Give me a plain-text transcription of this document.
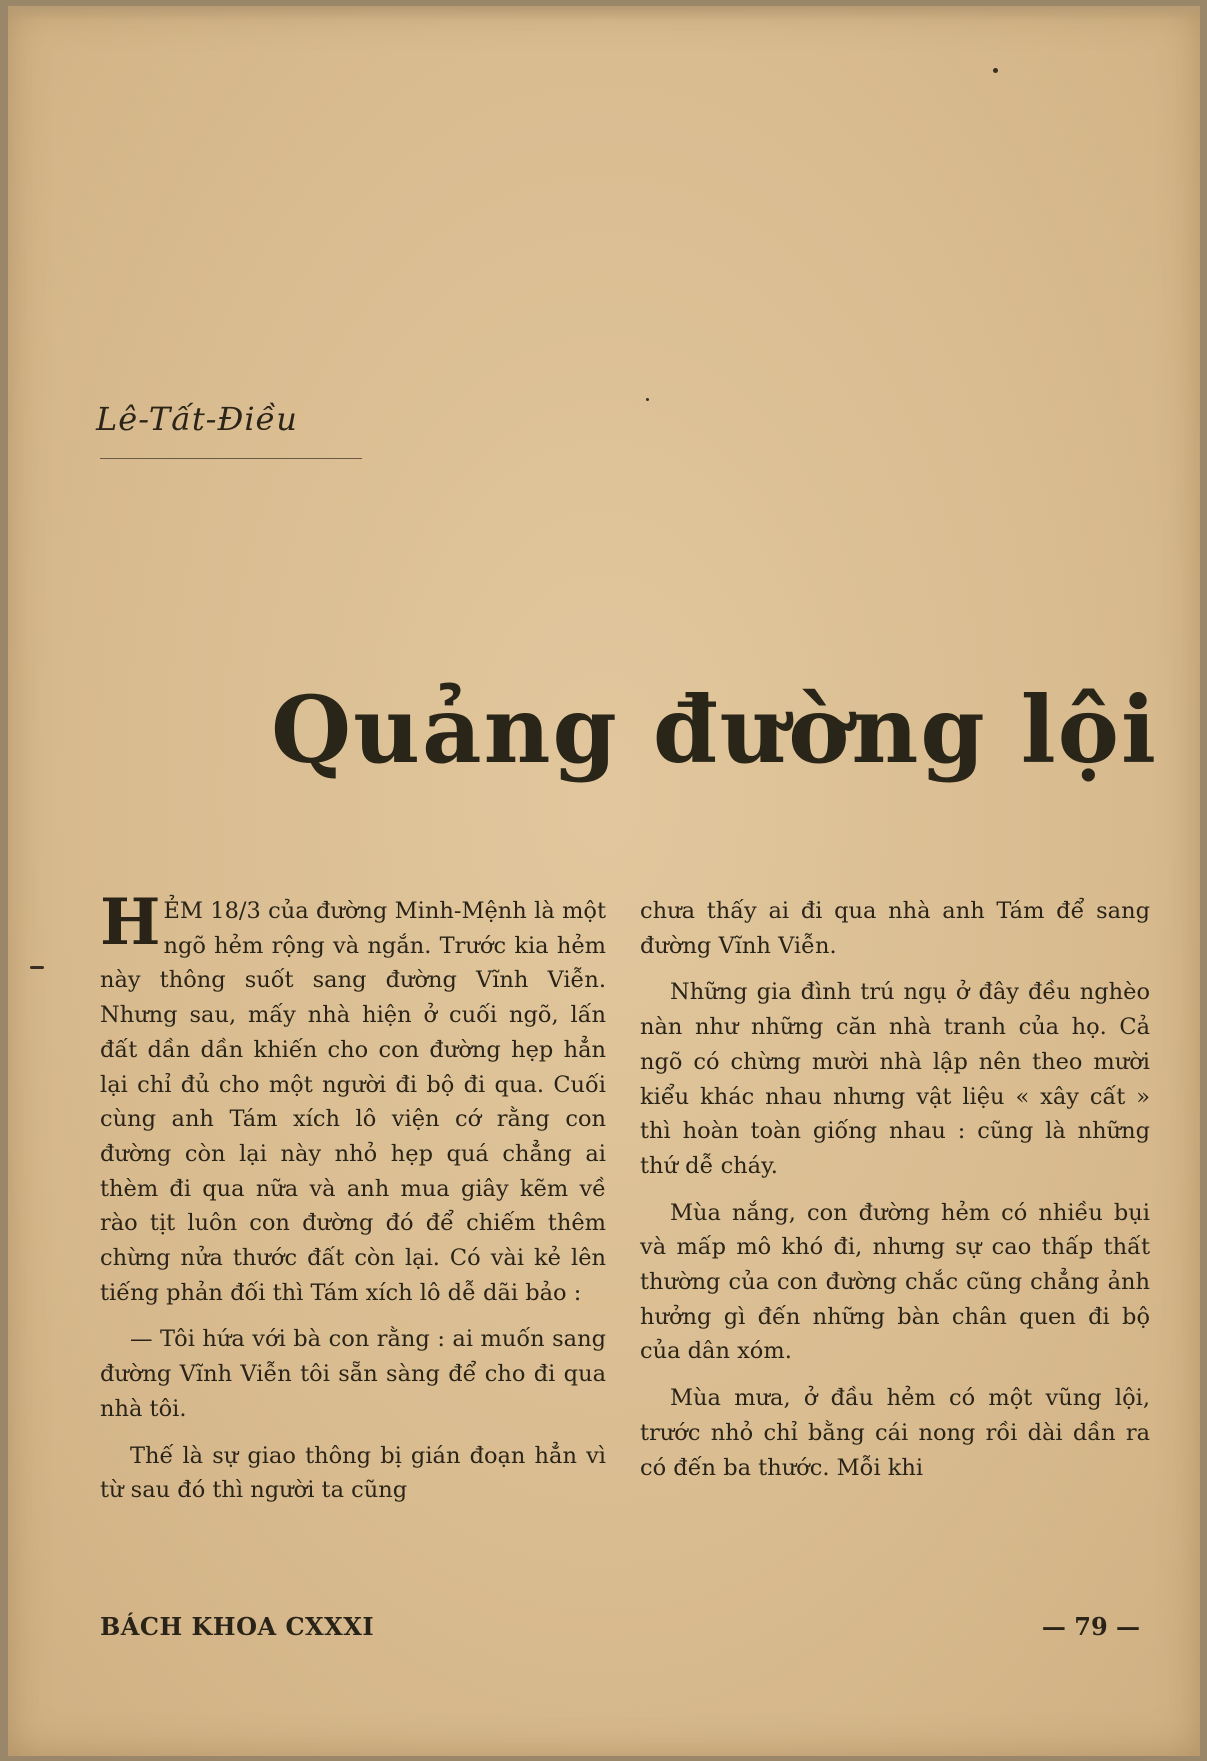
Lê-Tất-Điều
Quảng đường lội

HẺM 18/3 của đường Minh-Mệnh là một ngõ hẻm rộng và ngắn. Trước kia hẻm này thông suốt sang đường Vĩnh Viễn. Nhưng sau, mấy nhà hiện ở cuối ngõ, lấn đất dần dần khiến cho con đường hẹp hẳn lại chỉ đủ cho một người đi bộ đi qua. Cuối cùng anh Tám xích lô viện cớ rằng con đường còn lại này nhỏ hẹp quá chẳng ai thèm đi qua nữa và anh mua giây kẽm về rào tịt luôn con đường đó để chiếm thêm chừng nửa thước đất còn lại. Có vài kẻ lên tiếng phản đối thì Tám xích lô dễ dãi bảo :

— Tôi hứa với bà con rằng : ai muốn sang đường Vĩnh Viễn tôi sẵn sàng để cho đi qua nhà tôi.

Thế là sự giao thông bị gián đoạn hẳn vì từ sau đó thì người ta cũng

chưa thấy ai đi qua nhà anh Tám để sang đường Vĩnh Viễn.

Những gia đình trú ngụ ở đây đều nghèo nàn như những căn nhà tranh của họ. Cả ngõ có chừng mười nhà lập nên theo mười kiểu khác nhau nhưng vật liệu « xây cất » thì hoàn toàn giống nhau : cũng là những thứ dễ cháy.

Mùa nắng, con đường hẻm có nhiều bụi và mấp mô khó đi, nhưng sự cao thấp thất thường của con đường chắc cũng chẳng ảnh hưởng gì đến những bàn chân quen đi bộ của dân xóm.

Mùa mưa, ở đầu hẻm có một vũng lội, trước nhỏ chỉ bằng cái nong rồi dài dần ra có đến ba thước. Mỗi khi

BÁCH KHOA CXXXI	— 79 —
